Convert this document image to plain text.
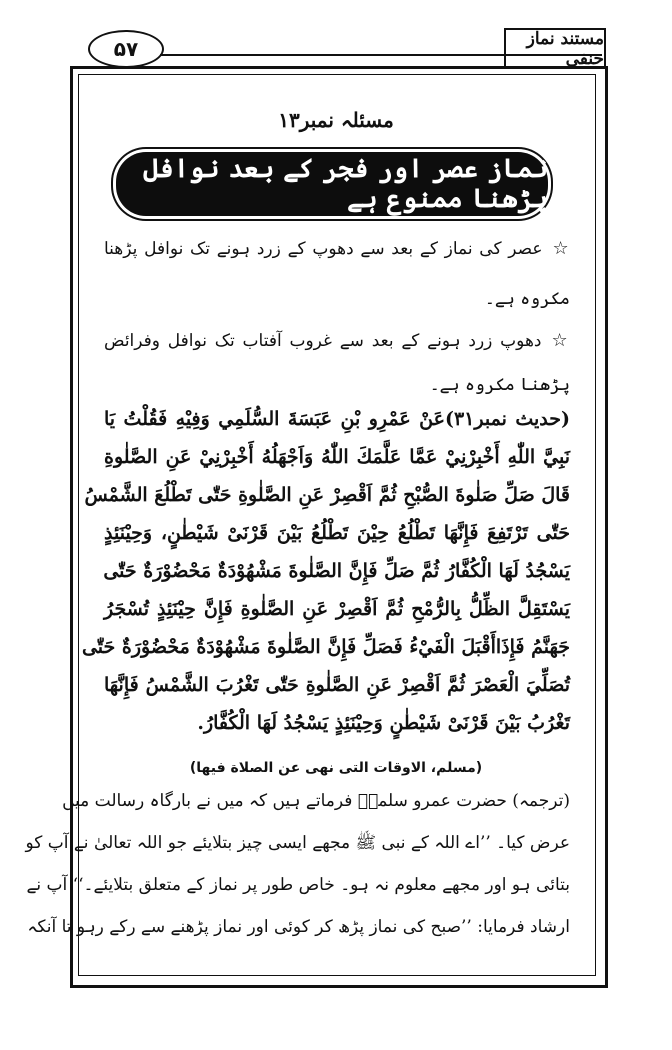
۵۷	مستند نماز حنفی
مسئلہ نمبر۱۳
نماز عصر اور فجر کے بعد نوافل پڑھنا ممنوع ہے
☆عصر کی نماز کے بعد سے دھوپ کے زرد ہونے تک نوافل پڑھنا
مکروہ ہے۔
☆دھوپ زرد ہونے کے بعد سے غروب آفتاب تک نوافل وفرائض
پڑھنا مکروہ ہے۔
(حدیث نمبر۳۱)عَنْ عَمْرِو بْنِ عَبَسَةَ السُّلَمِي وَفِيْهِ فَقُلْتُ يَا
نَبِيَّ اللّٰهِ أَخْبِرْنِيْ عَمَّا عَلَّمَكَ اللّٰهُ وَاَجْهَلُهُ أَخْبِرْنِيْ عَنِ الصَّلٰوةِ
قَالَ صَلِّ صَلٰوةَ الصُّبْحِ ثُمَّ اَقْصِرْ عَنِ الصَّلٰوةِ حَتّٰى تَطْلُعَ الشَّمْسُ
حَتّٰى تَرْتَفِعَ فَإِنَّهَا تَطْلُعُ حِيْنَ تَطْلُعُ بَيْنَ قَرْنَىْ شَيْطٰنٍ، وَحِيْنَئِذٍ
يَسْجُدُ لَهَا الْكُفَّارُ ثُمَّ صَلِّ فَإِنَّ الصَّلٰوةَ مَشْهُوْدَةٌ مَحْضُوْرَةٌ حَتّٰى
يَسْتَقِلَّ الظِّلُّ بِالرُّمْحِ ثُمَّ اَقْصِرْ عَنِ الصَّلٰوةِ فَإِنَّ حِيْنَئِذٍ تُسْجَرُ
جَهَنَّمُ فَإِذَاأَقْبَلَ الْفَيْءُ فَصَلِّ فَإِنَّ الصَّلٰوةَ مَشْهُوْدَةٌ مَحْضُوْرَةٌ حَتّٰى
تُصَلِّيَ الْعَصْرَ ثُمَّ اَقْصِرْ عَنِ الصَّلٰوةِ حَتّٰى تَغْرُبَ الشَّمْسُ فَإِنَّهَا
تَغْرُبُ بَيْنَ قَرْنَىْ شَيْطٰنٍ وَحِيْنَئِذٍ يَسْجُدُ لَهَا الْكُفَّارُ.
(مسلم، الاوقات التی نهی عن الصلاة فیها)
(ترجمہ) حضرت عمرو سلمیؓ فرماتے ہیں کہ میں نے بارگاہ رسالت میں
عرض کیا۔ ’’اے اللہ کے نبی ﷺ مجھے ایسی چیز بتلایئے جو اللہ تعالیٰ نے آپ کو
بتائی ہو اور مجھے معلوم نہ ہو۔ خاص طور پر نماز کے متعلق بتلایئے۔‘‘ آپ نے
ارشاد فرمایا: ’’صبح کی نماز پڑھ کر کوئی اور نماز پڑھنے سے رکے رہو تا آنکہ
